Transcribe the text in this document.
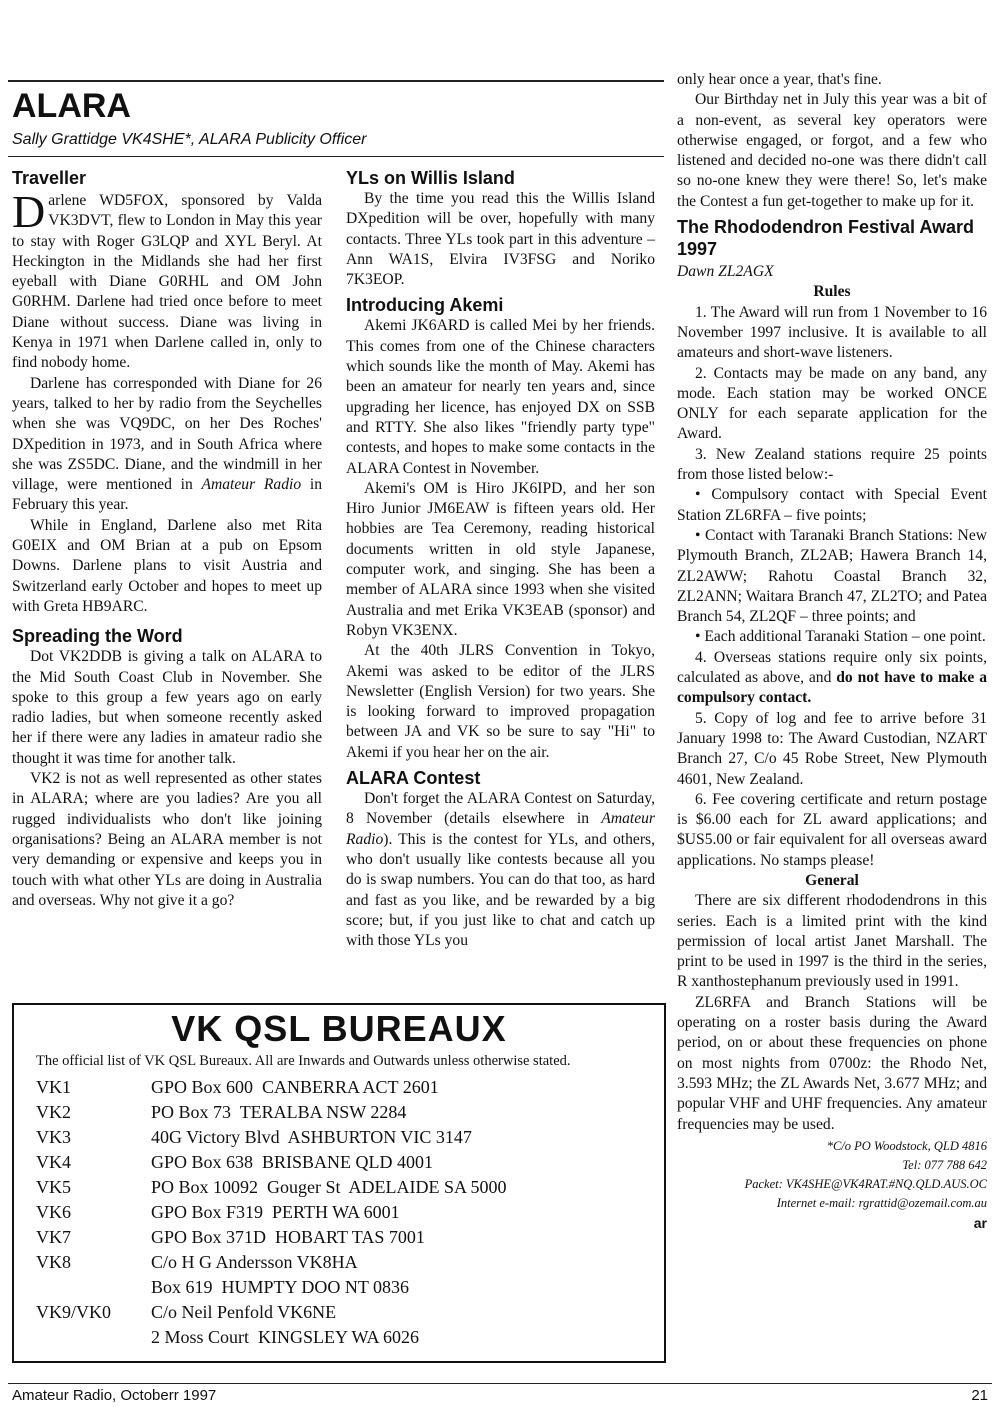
ALARA
Sally Grattidge VK4SHE*, ALARA Publicity Officer
Traveller

Darlene WD5FOX, sponsored by Valda VK3DVT, flew to London in May this year to stay with Roger G3LQP and XYL Beryl. At Heckington in the Midlands she had her first eyeball with Diane G0RHL and OM John G0RHM. Darlene had tried once before to meet Diane without success. Diane was living in Kenya in 1971 when Darlene called in, only to find nobody home.

Darlene has corresponded with Diane for 26 years, talked to her by radio from the Seychelles when she was VQ9DC, on her Des Roches' DXpedition in 1973, and in South Africa where she was ZS5DC. Diane, and the windmill in her village, were mentioned in Amateur Radio in February this year.

While in England, Darlene also met Rita G0EIX and OM Brian at a pub on Epsom Downs. Darlene plans to visit Austria and Switzerland early October and hopes to meet up with Greta HB9ARC.

Spreading the Word

Dot VK2DDB is giving a talk on ALARA to the Mid South Coast Club in November. She spoke to this group a few years ago on early radio ladies, but when someone recently asked her if there were any ladies in amateur radio she thought it was time for another talk.

VK2 is not as well represented as other states in ALARA; where are you ladies? Are you all rugged individualists who don't like joining organisations? Being an ALARA member is not very demanding or expensive and keeps you in touch with what other YLs are doing in Australia and overseas. Why not give it a go?

YLs on Willis Island

By the time you read this the Willis Island DXpedition will be over, hopefully with many contacts. Three YLs took part in this adventure – Ann WA1S, Elvira IV3FSG and Noriko 7K3EOP.

Introducing Akemi

Akemi JK6ARD is called Mei by her friends. This comes from one of the Chinese characters which sounds like the month of May. Akemi has been an amateur for nearly ten years and, since upgrading her licence, has enjoyed DX on SSB and RTTY. She also likes "friendly party type" contests, and hopes to make some contacts in the ALARA Contest in November.

Akemi's OM is Hiro JK6IPD, and her son Hiro Junior JM6EAW is fifteen years old. Her hobbies are Tea Ceremony, reading historical documents written in old style Japanese, computer work, and singing. She has been a member of ALARA since 1993 when she visited Australia and met Erika VK3EAB (sponsor) and Robyn VK3ENX.

At the 40th JLRS Convention in Tokyo, Akemi was asked to be editor of the JLRS Newsletter (English Version) for two years. She is looking forward to improved propagation between JA and VK so be sure to say "Hi" to Akemi if you hear her on the air.

ALARA Contest

Don't forget the ALARA Contest on Saturday, 8 November (details elsewhere in Amateur Radio). This is the contest for YLs, and others, who don't usually like contests because all you do is swap numbers. You can do that too, as hard and fast as you like, and be rewarded by a big score; but, if you just like to chat and catch up with those YLs you

only hear once a year, that's fine.

Our Birthday net in July this year was a bit of a non-event, as several key operators were otherwise engaged, or forgot, and a few who listened and decided no-one was there didn't call so no-one knew they were there! So, let's make the Contest a fun get-together to make up for it.

The Rhododendron Festival Award 1997
Dawn ZL2AGX
Rules

1. The Award will run from 1 November to 16 November 1997 inclusive. It is available to all amateurs and short-wave listeners.

2. Contacts may be made on any band, any mode. Each station may be worked ONCE ONLY for each separate application for the Award.

3. New Zealand stations require 25 points from those listed below:-

• Compulsory contact with Special Event Station ZL6RFA – five points;

• Contact with Taranaki Branch Stations: New Plymouth Branch, ZL2AB; Hawera Branch 14, ZL2AWW; Rahotu Coastal Branch 32, ZL2ANN; Waitara Branch 47, ZL2TO; and Patea Branch 54, ZL2QF – three points; and

• Each additional Taranaki Station – one point.

4. Overseas stations require only six points, calculated as above, and do not have to make a compulsory contact.

5. Copy of log and fee to arrive before 31 January 1998 to: The Award Custodian, NZART Branch 27, C/o 45 Robe Street, New Plymouth 4601, New Zealand.

6. Fee covering certificate and return postage is $6.00 each for ZL award applications; and $US5.00 or fair equivalent for all overseas award applications. No stamps please!

General

There are six different rhododendrons in this series. Each is a limited print with the kind permission of local artist Janet Marshall. The print to be used in 1997 is the third in the series, R xanthostephanum previously used in 1991.

ZL6RFA and Branch Stations will be operating on a roster basis during the Award period, on or about these frequencies on phone on most nights from 0700z: the Rhodo Net, 3.593 MHz; the ZL Awards Net, 3.677 MHz; and popular VHF and UHF frequencies. Any amateur frequencies may be used.

*C/o PO Woodstock, QLD 4816
Tel: 077 788 642
Packet: VK4SHE@VK4RAT.#NQ.QLD.AUS.OC
Internet e-mail: rgrattid@ozemail.com.au
ar
VK QSL BUREAUX
The official list of VK QSL Bureaux. All are Inwards and Outwards unless otherwise stated.
VK1	GPO Box 600  CANBERRA ACT 2601
VK2	PO Box 73  TERALBA NSW 2284
VK3	40G Victory Blvd  ASHBURTON VIC 3147
VK4	GPO Box 638  BRISBANE QLD 4001
VK5	PO Box 10092  Gouger St  ADELAIDE SA 5000
VK6	GPO Box F319  PERTH WA 6001
VK7	GPO Box 371D  HOBART TAS 7001
VK8	C/o H G Andersson VK8HA
Box 619  HUMPTY DOO NT 0836
VK9/VK0	C/o Neil Penfold VK6NE
2 Moss Court  KINGSLEY WA 6026
Amateur Radio, Octoberr 1997	21
